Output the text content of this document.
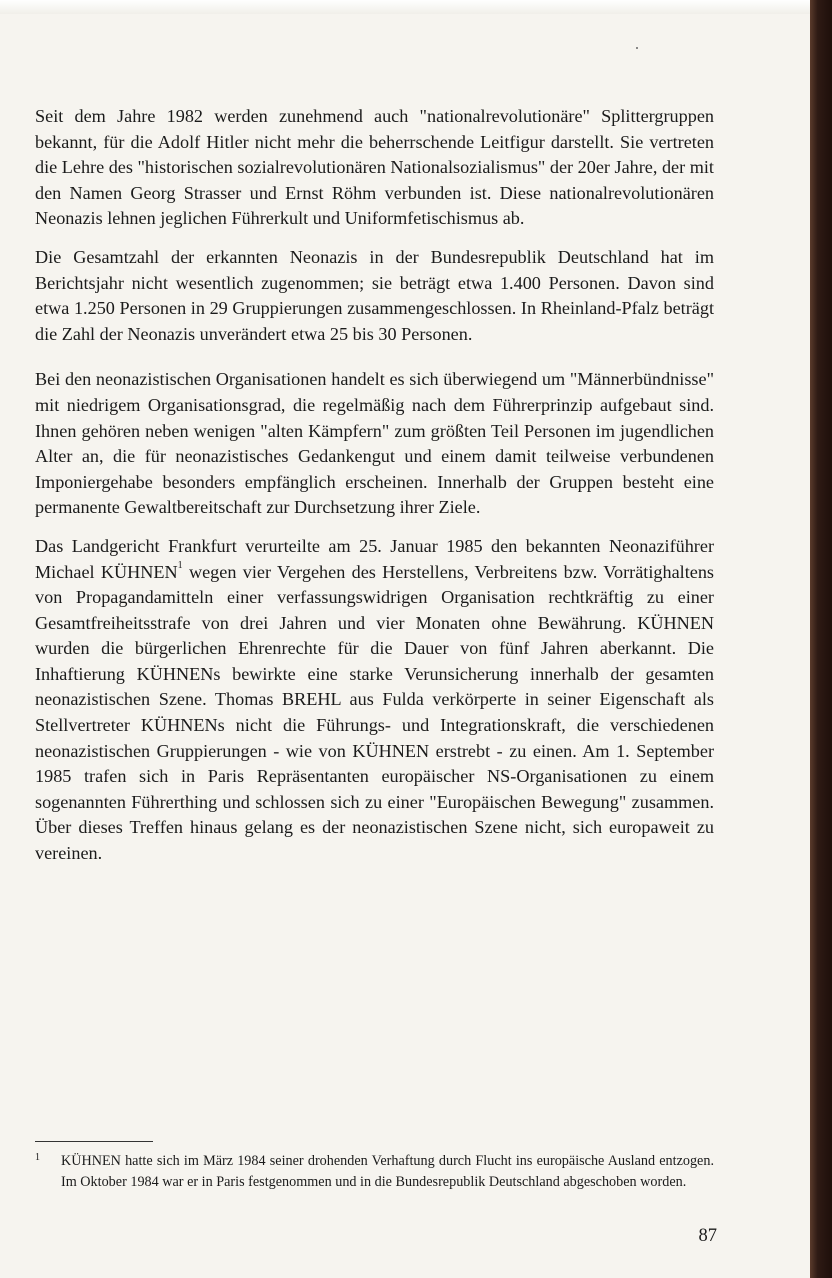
Seit dem Jahre 1982 werden zunehmend auch "nationalrevolutionäre" Splittergruppen bekannt, für die Adolf Hitler nicht mehr die beherrschende Leitfigur darstellt. Sie vertreten die Lehre des "historischen sozialrevolutionären Nationalsozialismus" der 20er Jahre, der mit den Namen Georg Strasser und Ernst Röhm verbunden ist. Diese nationalrevolutionären Neonazis lehnen jeglichen Führerkult und Uniformfetischismus ab.

Die Gesamtzahl der erkannten Neonazis in der Bundesrepublik Deutschland hat im Berichtsjahr nicht wesentlich zugenommen; sie beträgt etwa 1.400 Personen. Davon sind etwa 1.250 Personen in 29 Gruppierungen zusammengeschlossen. In Rheinland-Pfalz beträgt die Zahl der Neonazis unverändert etwa 25 bis 30 Personen.

Bei den neonazistischen Organisationen handelt es sich überwiegend um "Männerbündnisse" mit niedrigem Organisationsgrad, die regelmäßig nach dem Führerprinzip aufgebaut sind. Ihnen gehören neben wenigen "alten Kämpfern" zum größten Teil Personen im jugendlichen Alter an, die für neonazistisches Gedankengut und einem damit teilweise verbundenen Imponiergehabe besonders empfänglich erscheinen. Innerhalb der Gruppen besteht eine permanente Gewaltbereitschaft zur Durchsetzung ihrer Ziele.

Das Landgericht Frankfurt verurteilte am 25. Januar 1985 den bekannten Neonaziführer Michael KÜHNEN$^1$ wegen vier Vergehen des Herstellens, Verbreitens bzw. Vorrätighaltens von Propagandamitteln einer verfassungswidrigen Organisation rechtkräftig zu einer Gesamtfreiheitsstrafe von drei Jahren und vier Monaten ohne Bewährung. KÜHNEN wurden die bürgerlichen Ehrenrechte für die Dauer von fünf Jahren aberkannt. Die Inhaftierung KÜHNENs bewirkte eine starke Verunsicherung innerhalb der gesamten neonazistischen Szene. Thomas BREHL aus Fulda verkörperte in seiner Eigenschaft als Stellvertreter KÜHNENs nicht die Führungs- und Integrationskraft, die verschiedenen neonazistischen Gruppierungen - wie von KÜHNEN erstrebt - zu einen. Am 1. September 1985 trafen sich in Paris Repräsentanten europäischer NS-Organisationen zu einem sogenannten Führerthing und schlossen sich zu einer "Europäischen Bewegung" zusammen. Über dieses Treffen hinaus gelang es der neonazistischen Szene nicht, sich europaweit zu vereinen.

1	KÜHNEN hatte sich im März 1984 seiner drohenden Verhaftung durch Flucht ins europäische Ausland entzogen. Im Oktober 1984 war er in Paris festgenommen und in die Bundesrepublik Deutschland abgeschoben worden.
87
